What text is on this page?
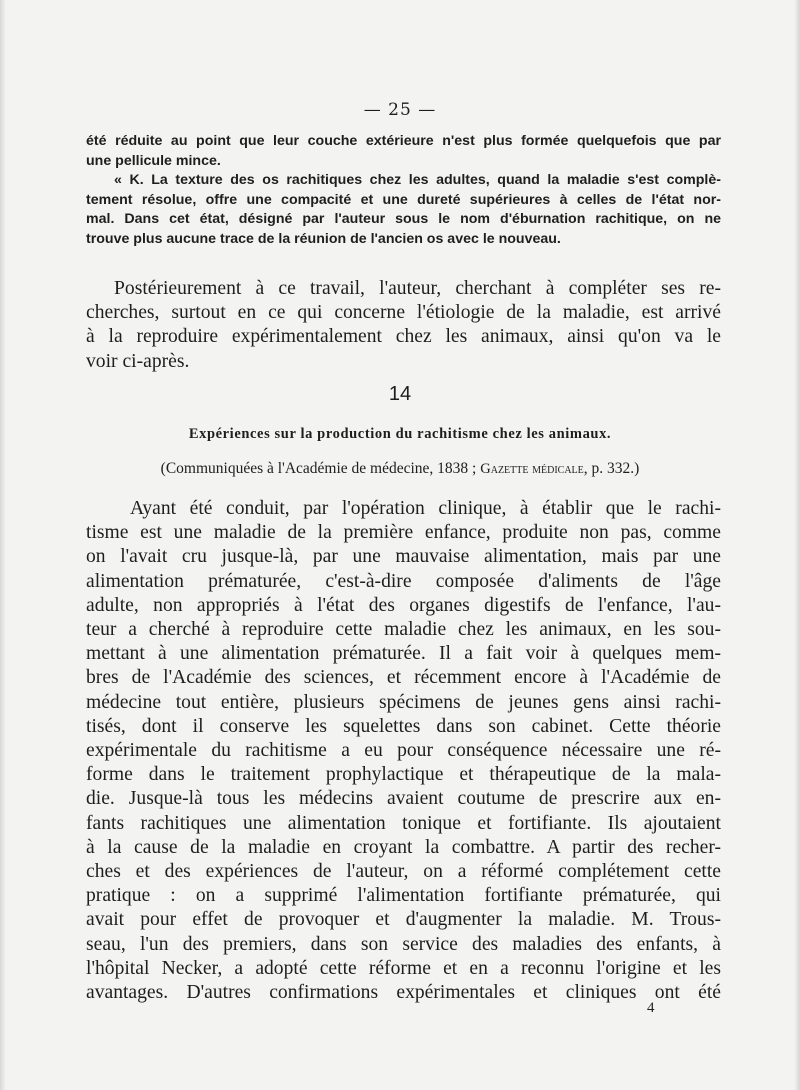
— 25 —
été réduite au point que leur couche extérieure n'est plus formée quelquefois que par
une pellicule mince.
« K. La texture des os rachitiques chez les adultes, quand la maladie s'est complè-
tement résolue, offre une compacité et une dureté supérieures à celles de l'état nor-
mal. Dans cet état, désigné par l'auteur sous le nom d'éburnation rachitique, on ne
trouve plus aucune trace de la réunion de l'ancien os avec le nouveau.
Postérieurement à ce travail, l'auteur, cherchant à compléter ses re-
cherches, surtout en ce qui concerne l'étiologie de la maladie, est arrivé
à la reproduire expérimentalement chez les animaux, ainsi qu'on va le
voir ci-après.
14
Expériences sur la production du rachitisme chez les animaux.
(Communiquées à l'Académie de médecine, 1838 ; Gazette médicale, p. 332.)
Ayant été conduit, par l'opération clinique, à établir que le rachi-
tisme est une maladie de la première enfance, produite non pas, comme
on l'avait cru jusque-là, par une mauvaise alimentation, mais par une
alimentation prématurée, c'est-à-dire composée d'aliments de l'âge
adulte, non appropriés à l'état des organes digestifs de l'enfance, l'au-
teur a cherché à reproduire cette maladie chez les animaux, en les sou-
mettant à une alimentation prématurée. Il a fait voir à quelques mem-
bres de l'Académie des sciences, et récemment encore à l'Académie de
médecine tout entière, plusieurs spécimens de jeunes gens ainsi rachi-
tisés, dont il conserve les squelettes dans son cabinet. Cette théorie
expérimentale du rachitisme a eu pour conséquence nécessaire une ré-
forme dans le traitement prophylactique et thérapeutique de la mala-
die. Jusque-là tous les médecins avaient coutume de prescrire aux en-
fants rachitiques une alimentation tonique et fortifiante. Ils ajoutaient
à la cause de la maladie en croyant la combattre. A partir des recher-
ches et des expériences de l'auteur, on a réformé complétement cette
pratique : on a supprimé l'alimentation fortifiante prématurée, qui
avait pour effet de provoquer et d'augmenter la maladie. M. Trous-
seau, l'un des premiers, dans son service des maladies des enfants, à
l'hôpital Necker, a adopté cette réforme et en a reconnu l'origine et les
avantages. D'autres confirmations expérimentales et cliniques ont été
4
